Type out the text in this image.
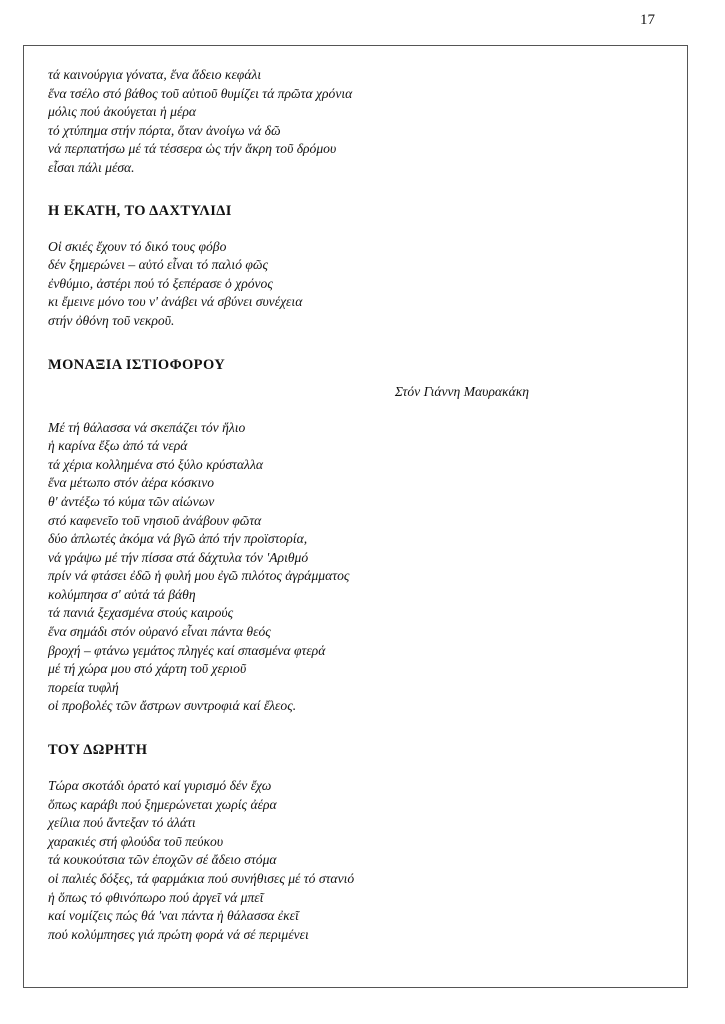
17
τά καινούργια γόνατα, ἕνα ἄδειο κεφάλι
ἕνα τσέλο στό βάθος τοῦ αὐτιοῦ θυμίζει τά πρῶτα χρόνια
μόλις πού ἀκούγεται ἡ μέρα
τό χτύπημα στήν πόρτα, ὅταν ἀνοίγω νά δῶ
νά περπατήσω μέ τά τέσσερα ὡς τήν ἄκρη τοῦ δρόμου
εἶσαι πάλι μέσα.
Η ΕΚΑΤΗ, ΤΟ ΔΑΧΤΥΛΙΔΙ
Οἱ σκιές ἔχουν τό δικό τους φόβο
δέν ξημερώνει – αὐτό εἶναι τό παλιό φῶς
ἐνθύμιο, ἀστέρι πού τό ξεπέρασε ὁ χρόνος
κι ἔμεινε μόνο του ν' ἀνάβει νά σβύνει συνέχεια
στήν ὀθόνη τοῦ νεκροῦ.
ΜΟΝΑΞΙΑ ΙΣΤΙΟΦΟΡΟΥ
Στόν Γιάννη Μαυρακάκη
Μέ τή θάλασσα νά σκεπάζει τόν ἥλιο
ἡ καρίνα ἔξω ἀπό τά νερά
τά χέρια κολλημένα στό ξύλο κρύσταλλα
ἕνα μέτωπο στόν ἀέρα κόσκινο
θ' ἀντέξω τό κύμα τῶν αἰώνων
στό καφενεῖο τοῦ νησιοῦ ἀνάβουν φῶτα
δύο ἁπλωτές ἀκόμα νά βγῶ ἀπό τήν προϊστορία,
νά γράψω μέ τήν πίσσα στά δάχτυλα τόν 'Αριθμό
πρίν νά φτάσει ἐδῶ ἡ φυλή μου ἐγῶ πιλότος ἀγράμματος
κολύμπησα σ' αὐτά τά βάθη
τά πανιά ξεχασμένα στούς καιρούς
ἕνα σημάδι στόν οὐρανό εἶναι πάντα θεός
βροχή – φτάνω γεμάτος πληγές καί σπασμένα φτερά
μέ τή χώρα μου στό χάρτη τοῦ χεριοῦ
πορεία τυφλή
οἱ προβολές τῶν ἄστρων συντροφιά καί ἔλεος.
ΤΟΥ ΔΩΡΗΤΗ
Τώρα σκοτάδι ὁρατό καί γυρισμό δέν ἔχω
ὅπως καράβι πού ξημερώνεται χωρίς ἀέρα
χείλια πού ἄντεξαν τό ἁλάτι
χαρακιές στή φλούδα τοῦ πεύκου
τά κουκούτσια τῶν ἐποχῶν σέ ἄδειο στόμα
οἱ παλιές δόξες, τά φαρμάκια πού συνήθισες μέ τό στανιό
ἡ ὅπως τό φθινόπωρο πού ἀργεῖ νά μπεῖ
καί νομίζεις πώς θά 'ναι πάντα ἡ θάλασσα ἐκεῖ
πού κολύμπησες γιά πρώτη φορά νά σέ περιμένει
